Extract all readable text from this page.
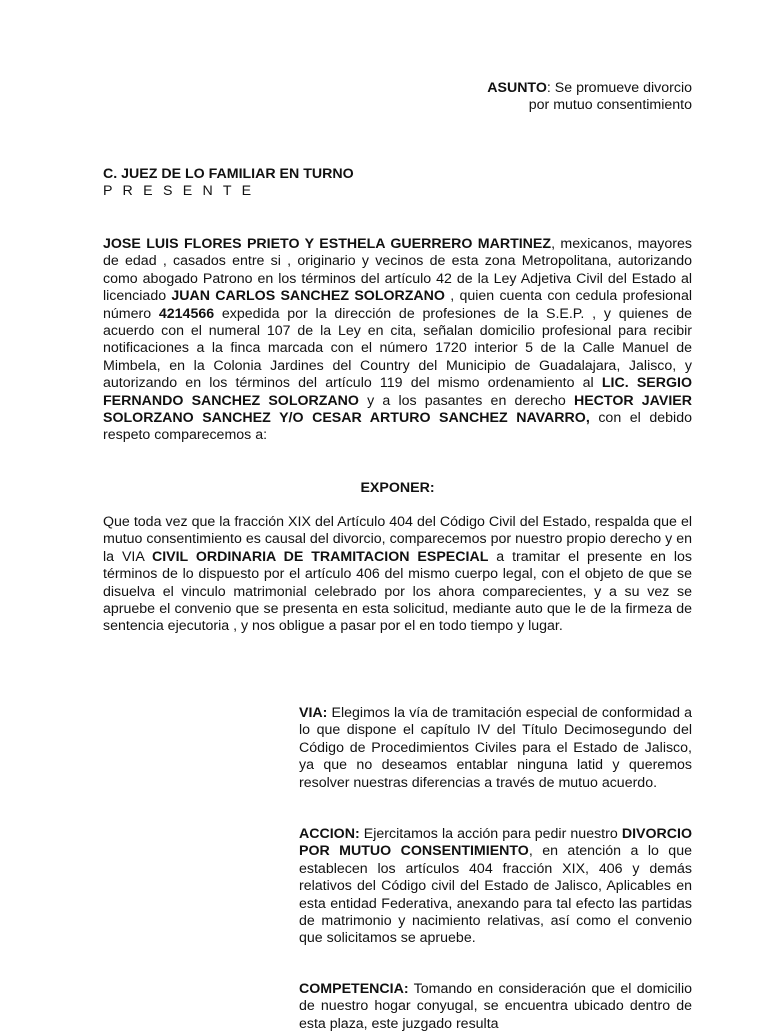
ASUNTO: Se promueve divorcio
por mutuo consentimiento
C. JUEZ DE LO FAMILIAR EN TURNO
P R E S E N T E
JOSE LUIS FLORES PRIETO Y ESTHELA GUERRERO MARTINEZ, mexicanos, mayores de edad , casados entre si , originario y vecinos de esta zona Metropolitana, autorizando como abogado Patrono en los términos del artículo 42 de la Ley Adjetiva Civil del Estado al licenciado JUAN CARLOS SANCHEZ SOLORZANO , quien cuenta con cedula profesional número 4214566 expedida por la dirección de profesiones de la S.E.P. , y quienes de acuerdo con el numeral 107 de la Ley en cita, señalan domicilio profesional para recibir notificaciones a la finca marcada con el número 1720 interior 5 de la Calle Manuel de Mimbela, en la Colonia Jardines del Country del Municipio de Guadalajara, Jalisco, y autorizando en los términos del artículo 119 del mismo ordenamiento al LIC. SERGIO FERNANDO SANCHEZ SOLORZANO y a los pasantes en derecho HECTOR JAVIER SOLORZANO SANCHEZ Y/O CESAR ARTURO SANCHEZ NAVARRO, con el debido respeto comparecemos a:
EXPONER:
Que toda vez que la fracción XIX del Artículo 404 del Código Civil del Estado, respalda que el mutuo consentimiento es causal del divorcio, comparecemos por nuestro propio derecho y en la VIA CIVIL ORDINARIA DE TRAMITACION ESPECIAL a tramitar el presente en los términos de lo dispuesto por el artículo 406 del mismo cuerpo legal, con el objeto de que se disuelva el vinculo matrimonial celebrado por los ahora comparecientes, y a su vez se apruebe el convenio que se presenta en esta solicitud, mediante auto que le de la firmeza de sentencia ejecutoria , y nos obligue a pasar por el en todo tiempo y lugar.
VIA: Elegimos la vía de tramitación especial de conformidad a lo que dispone el capítulo IV del Título Decimosegundo del Código de Procedimientos Civiles para el Estado de Jalisco, ya que no deseamos entablar ninguna latid y queremos resolver nuestras diferencias a través de mutuo acuerdo.
ACCION: Ejercitamos la acción para pedir nuestro DIVORCIO POR MUTUO CONSENTIMIENTO, en atención a lo que establecen los artículos 404 fracción XIX, 406 y demás relativos del Código civil del Estado de Jalisco, Aplicables en esta entidad Federativa, anexando para tal efecto las partidas de matrimonio y nacimiento relativas, así como el convenio que solicitamos se apruebe.
COMPETENCIA: Tomando en consideración que el domicilio de nuestro hogar conyugal, se encuentra ubicado dentro de esta plaza, este juzgado resulta
